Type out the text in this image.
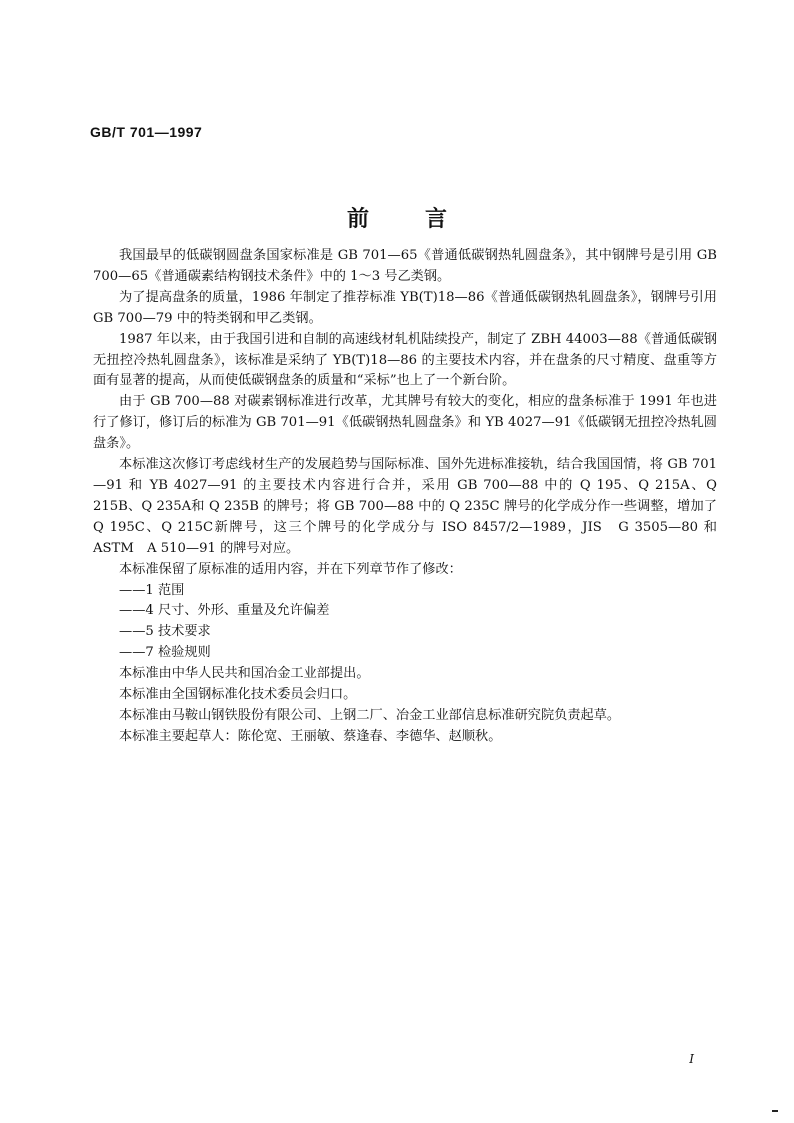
GB/T 701—1997
前言

我国最早的低碳钢圆盘条国家标准是 GB 701—65《普通低碳钢热轧圆盘条》，其中钢牌号是引用 GB 700—65《普通碳素结构钢技术条件》中的 1～3 号乙类钢。

为了提高盘条的质量，1986 年制定了推荐标准 YB(T)18—86《普通低碳钢热轧圆盘条》，钢牌号引用 GB 700—79 中的特类钢和甲乙类钢。

1987 年以来，由于我国引进和自制的高速线材轧机陆续投产，制定了 ZBH 44003—88《普通低碳钢无扭控冷热轧圆盘条》，该标准是采纳了 YB(T)18—86 的主要技术内容，并在盘条的尺寸精度、盘重等方面有显著的提高，从而使低碳钢盘条的质量和“采标”也上了一个新台阶。

由于 GB 700—88 对碳素钢标准进行改革，尤其牌号有较大的变化，相应的盘条标准于 1991 年也进行了修订，修订后的标准为 GB 701—91《低碳钢热轧圆盘条》和 YB 4027—91《低碳钢无扭控冷热轧圆盘条》。

本标准这次修订考虑线材生产的发展趋势与国际标准、国外先进标准接轨，结合我国国情，将 GB 701—91 和 YB 4027—91 的主要技术内容进行合并，采用 GB 700—88 中的 Q 195、Q 215A、Q 215B、Q 235A和 Q 235B 的牌号；将 GB 700—88 中的 Q 235C 牌号的化学成分作一些调整，增加了 Q 195C、Q 215C新牌号，这三个牌号的化学成分与 ISO 8457/2—1989，JIS　G 3505—80 和 ASTM　A 510—91 的牌号对应。

本标准保留了原标准的适用内容，并在下列章节作了修改：

——1 范围

——4 尺寸、外形、重量及允许偏差

——5 技术要求

——7 检验规则

本标准由中华人民共和国冶金工业部提出。

本标准由全国钢标准化技术委员会归口。

本标准由马鞍山钢铁股份有限公司、上钢二厂、冶金工业部信息标准研究院负责起草。

本标准主要起草人：陈伦宽、王丽敏、蔡逢春、李德华、赵顺秋。

I
